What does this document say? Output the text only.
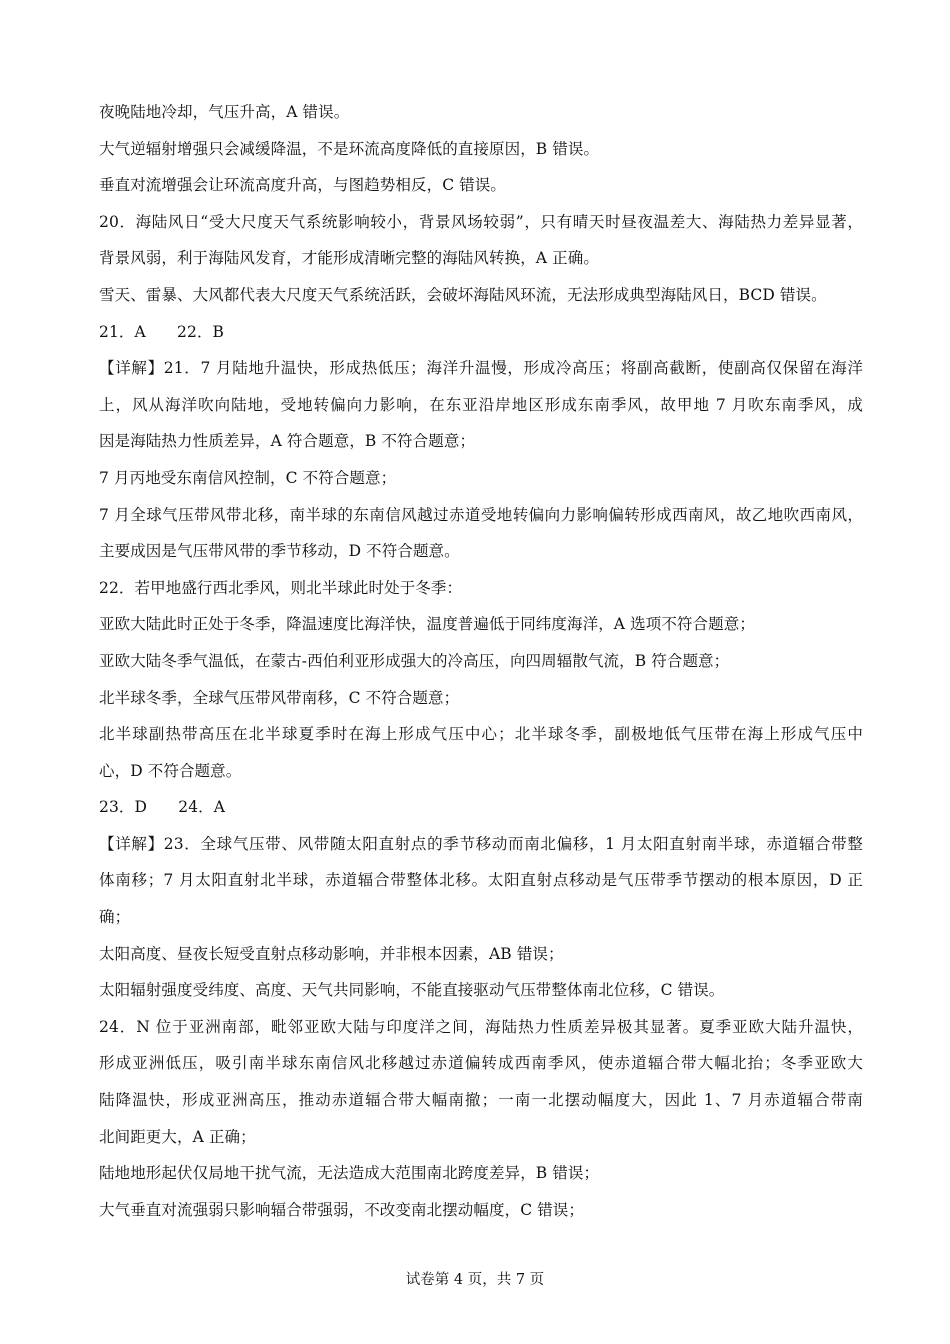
夜晚陆地冷却，气压升高，A 错误。
大气逆辐射增强只会减缓降温，不是环流高度降低的直接原因，B 错误。
垂直对流增强会让环流高度升高，与图趋势相反，C 错误。
20．海陆风日“受大尺度天气系统影响较小，背景风场较弱”，只有晴天时昼夜温差大、海陆热力差异显著，
背景风弱，利于海陆风发育，才能形成清晰完整的海陆风转换，A 正确。
雪天、雷暴、大风都代表大尺度天气系统活跃，会破坏海陆风环流，无法形成典型海陆风日，BCD 错误。
21．A　　22．B
【详解】21．7 月陆地升温快，形成热低压；海洋升温慢，形成冷高压；将副高截断，使副高仅保留在海洋
上，风从海洋吹向陆地，受地转偏向力影响，在东亚沿岸地区形成东南季风，故甲地 7 月吹东南季风，成
因是海陆热力性质差异，A 符合题意，B 不符合题意；
7 月丙地受东南信风控制，C 不符合题意；
7 月全球气压带风带北移，南半球的东南信风越过赤道受地转偏向力影响偏转形成西南风，故乙地吹西南风，
主要成因是气压带风带的季节移动，D 不符合题意。
22．若甲地盛行西北季风，则北半球此时处于冬季：
亚欧大陆此时正处于冬季，降温速度比海洋快，温度普遍低于同纬度海洋，A 选项不符合题意；
亚欧大陆冬季气温低，在蒙古-西伯利亚形成强大的冷高压，向四周辐散气流，B 符合题意；
北半球冬季，全球气压带风带南移，C 不符合题意；
北半球副热带高压在北半球夏季时在海上形成气压中心；北半球冬季，副极地低气压带在海上形成气压中
心，D 不符合题意。
23．D　　24．A
【详解】23．全球气压带、风带随太阳直射点的季节移动而南北偏移，1 月太阳直射南半球，赤道辐合带整
体南移；7 月太阳直射北半球，赤道辐合带整体北移。太阳直射点移动是气压带季节摆动的根本原因，D 正
确；
太阳高度、昼夜长短受直射点移动影响，并非根本因素，AB 错误；
太阳辐射强度受纬度、高度、天气共同影响，不能直接驱动气压带整体南北位移，C 错误。
24．N 位于亚洲南部，毗邻亚欧大陆与印度洋之间，海陆热力性质差异极其显著。夏季亚欧大陆升温快，
形成亚洲低压，吸引南半球东南信风北移越过赤道偏转成西南季风，使赤道辐合带大幅北抬；冬季亚欧大
陆降温快，形成亚洲高压，推动赤道辐合带大幅南撤；一南一北摆动幅度大，因此 1、7 月赤道辐合带南
北间距更大，A 正确；
陆地地形起伏仅局地干扰气流，无法造成大范围南北跨度差异，B 错误；
大气垂直对流强弱只影响辐合带强弱，不改变南北摆动幅度，C 错误；
试卷第 4 页，共 7 页
